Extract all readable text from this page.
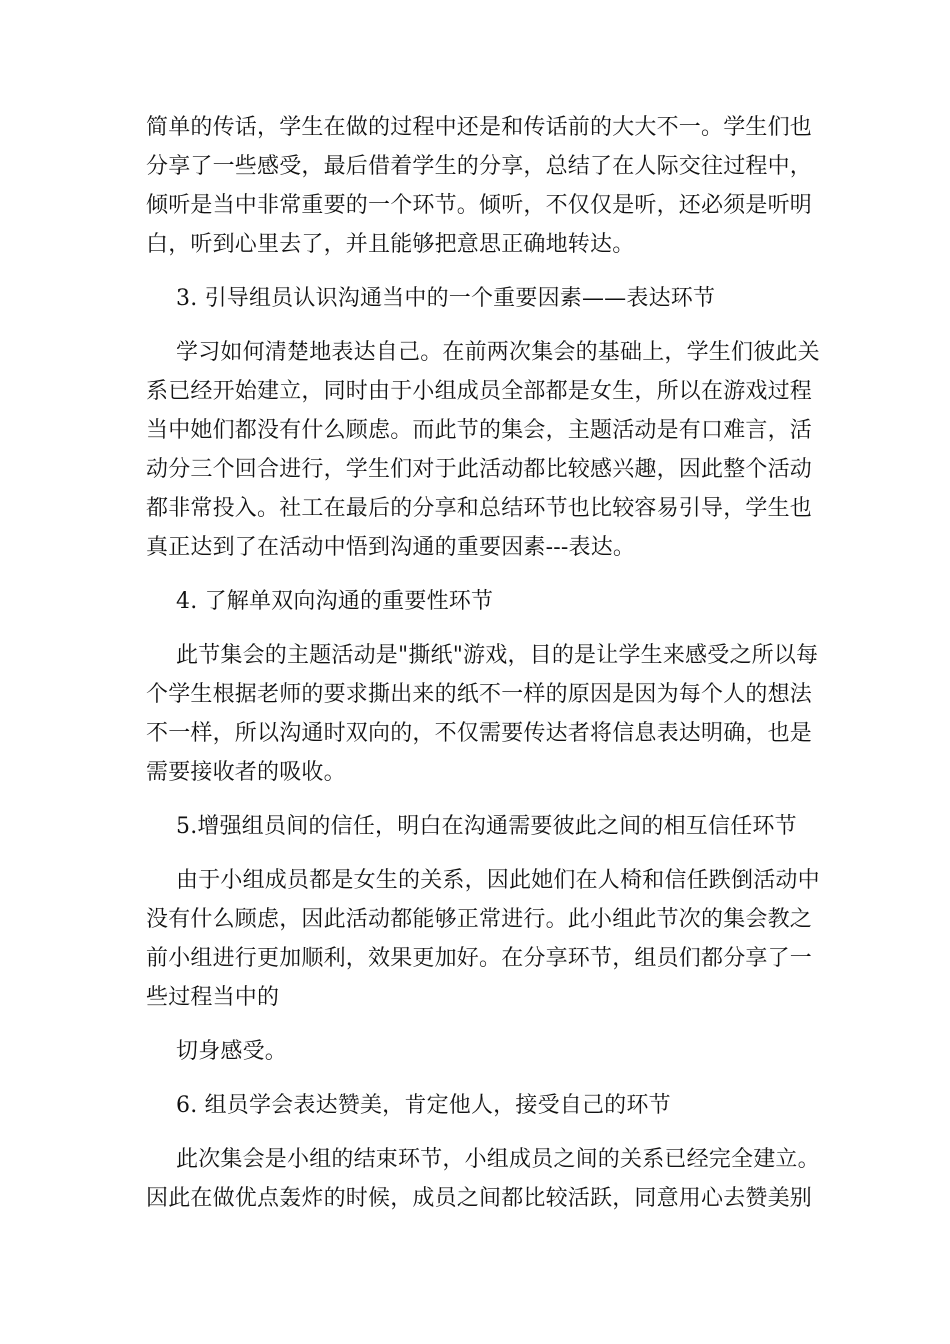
简单的传话，学生在做的过程中还是和传话前的大大不一。学生们也
分享了一些感受，最后借着学生的分享，总结了在人际交往过程中，
倾听是当中非常重要的一个环节。倾听，不仅仅是听，还必须是听明
白，听到心里去了，并且能够把意思正确地转达。
3. 引导组员认识沟通当中的一个重要因素——表达环节
学习如何清楚地表达自己。在前两次集会的基础上，学生们彼此关
系已经开始建立，同时由于小组成员全部都是女生，所以在游戏过程
当中她们都没有什么顾虑。而此节的集会，主题活动是有口难言，活
动分三个回合进行，学生们对于此活动都比较感兴趣，因此整个活动
都非常投入。社工在最后的分享和总结环节也比较容易引导，学生也
真正达到了在活动中悟到沟通的重要因素---表达。
4. 了解单双向沟通的重要性环节
此节集会的主题活动是"撕纸"游戏，目的是让学生来感受之所以每
个学生根据老师的要求撕出来的纸不一样的原因是因为每个人的想法
不一样，所以沟通时双向的，不仅需要传达者将信息表达明确，也是
需要接收者的吸收。
5.增强组员间的信任，明白在沟通需要彼此之间的相互信任环节
由于小组成员都是女生的关系，因此她们在人椅和信任跌倒活动中
没有什么顾虑，因此活动都能够正常进行。此小组此节次的集会教之
前小组进行更加顺利，效果更加好。在分享环节，组员们都分享了一
些过程当中的
切身感受。
6. 组员学会表达赞美，肯定他人，接受自己的环节
此次集会是小组的结束环节，小组成员之间的关系已经完全建立。
因此在做优点轰炸的时候，成员之间都比较活跃，同意用心去赞美别
